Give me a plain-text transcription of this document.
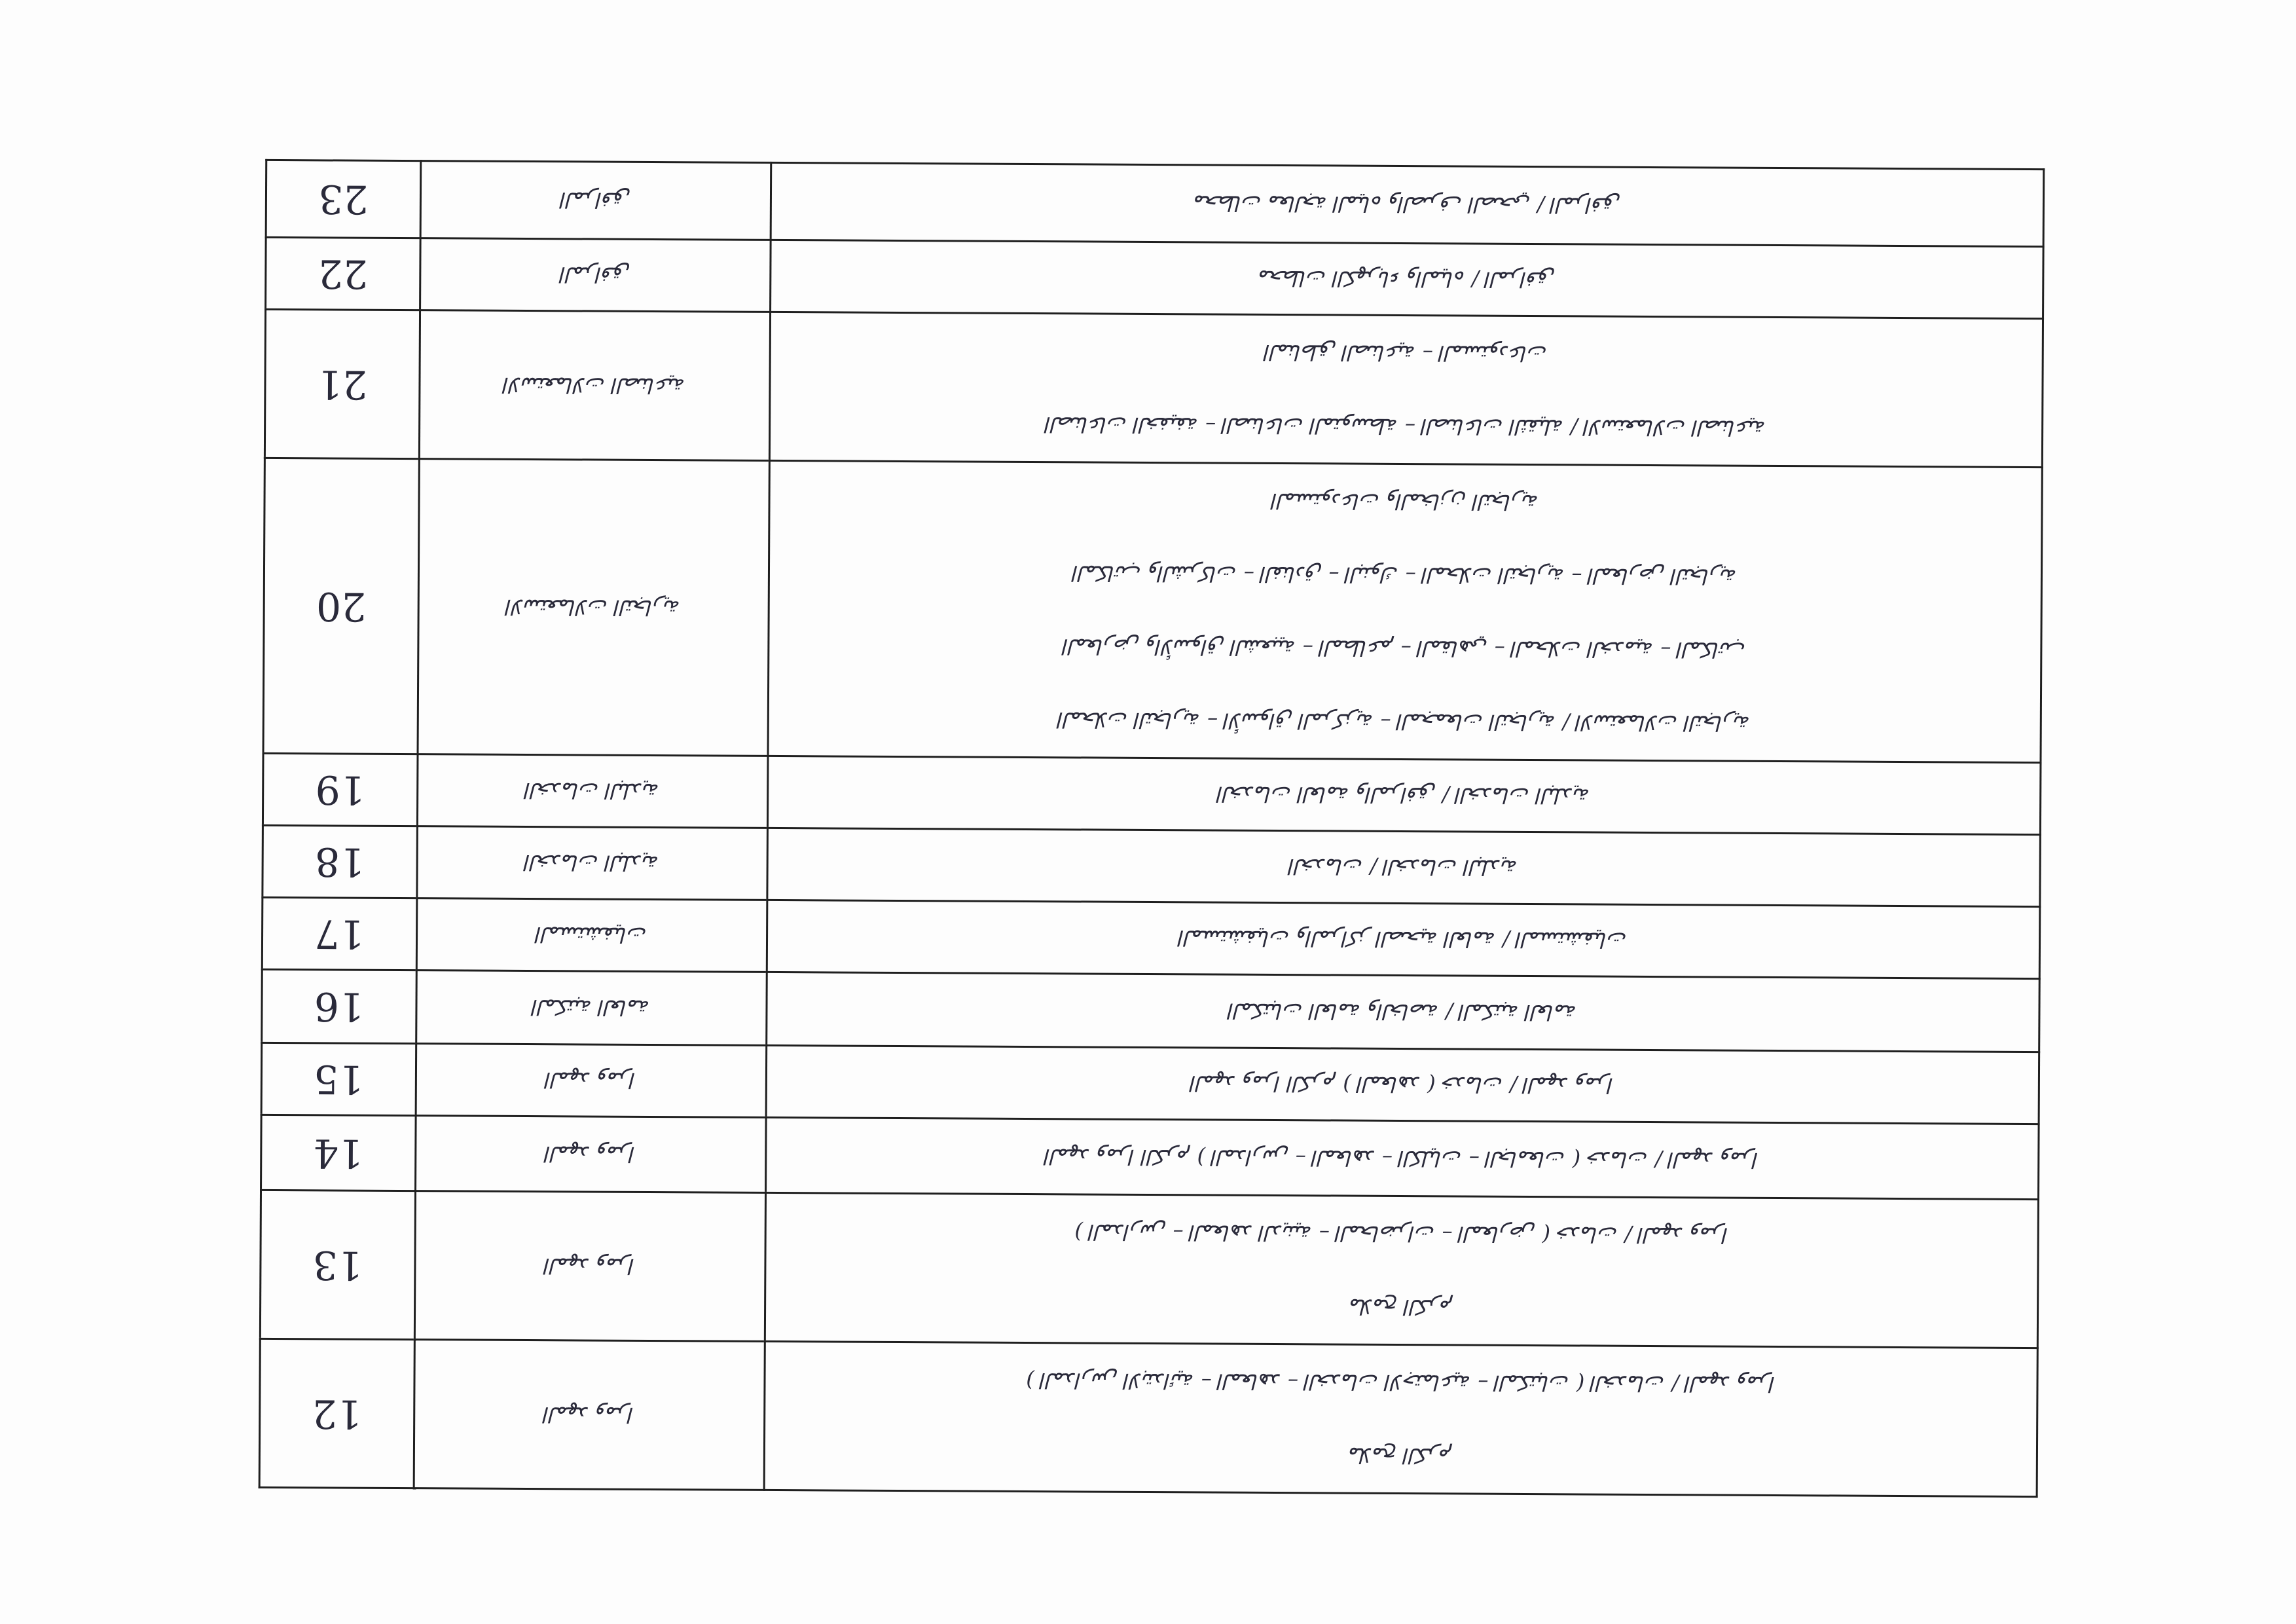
ملامح الكرم
( المدارس الابتدائية – المعاهد – الخدمات الاجتماعية – المكتبات ) الخدمات / المهد ومرا	المهد ومرا	12

ملامح الكرم
( المدارس – المعاهد الدينية – المحاضرات – المعارض ) خدمات / المهد ومرا	المهد ومرا	13

المهد ومرا الكرم ( المدارس – المعاهد – الكليات – الجامعات ) خدمات / المهد ومرا	المهد ومرا	14

المهد ومرا الكرم ( المعاهد ) خدمات / المهد ومرا	المهد ومرا	15

المكتبات العامة والخاصة / المكتبة العامة	المكتبة العامة	16

المستشفيات والمراكز الصحية العامة / المستشفيات	المستشفيات	17

الخدمات / الخدمات البلدية	الخدمات البلدية	18

الخدمات العامة والمرافق / الخدمات البلدية	الخدمات البلدية	19

المحلات التجارية – الأسواق المركزية – المجمعات التجارية / الاستعمالات التجارية
المعارض والأسواق الشعبية – المطاعم – المقاهي – المحلات الخدمية – المكاتب
المكاتب والشركات – الفنادق – البنوك – المحلات التجارية – المعارض التجارية
المستودعات والمخازن التجارية	الاستعمالات التجارية	20

الصناعات الخفيفة – الصناعات المتوسطة – الصناعات الثقيلة / الاستعمالات الصناعية
المناطق الصناعية – المستودعات	الاستعمالات الصناعية	21

محطات الكهرباء والمياه / المرافق	المرافق	22

محطات معالجة المياه والصرف الصحي / المرافق	المرافق	23
